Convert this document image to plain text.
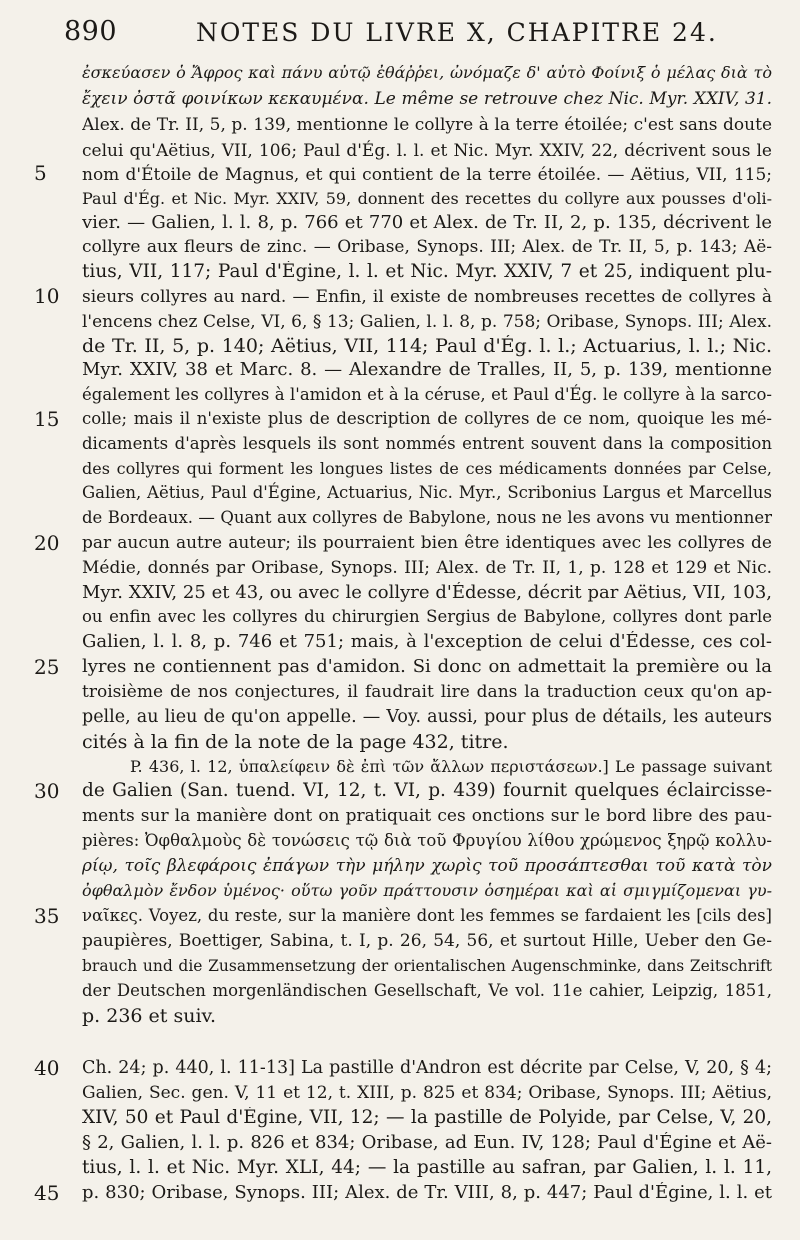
890	NOTES DU LIVRE X, CHAPITRE 24.
ἐσκεύασεν ὁ Ἄφρος καὶ πάνυ αὐτῷ ἐθάῤῥει, ὠνόμαζε δ' αὐτὸ Φοίνιξ ὁ μέλας διὰ τὸ
ἔχειν ὀστᾶ φοινίκων κεκαυμένα. Le même se retrouve chez Nic. Myr. XXIV, 31.
Alex. de Tr. II, 5, p. 139, mentionne le collyre à la terre étoilée; c'est sans doute
celui qu'Aëtius, VII, 106; Paul d'Ég. l. l. et Nic. Myr. XXIV, 22, décrivent sous le
5	nom d'Étoile de Magnus, et qui contient de la terre étoilée. — Aëtius, VII, 115;
Paul d'Ég. et Nic. Myr. XXIV, 59, donnent des recettes du collyre aux pousses d'oli-
vier. — Galien, l. l. 8, p. 766 et 770 et Alex. de Tr. II, 2, p. 135, décrivent le
collyre aux fleurs de zinc. — Oribase, Synops. III; Alex. de Tr. II, 5, p. 143; Aë-
tius, VII, 117; Paul d'Égine, l. l. et Nic. Myr. XXIV, 7 et 25, indiquent plu-
10	sieurs collyres au nard. — Enfin, il existe de nombreuses recettes de collyres à
l'encens chez Celse, VI, 6, § 13; Galien, l. l. 8, p. 758; Oribase, Synops. III; Alex.
de Tr. II, 5, p. 140; Aëtius, VII, 114; Paul d'Ég. l. l.; Actuarius, l. l.; Nic.
Myr. XXIV, 38 et Marc. 8. — Alexandre de Tralles, II, 5, p. 139, mentionne
également les collyres à l'amidon et à la céruse, et Paul d'Ég. le collyre à la sarco-
15	colle; mais il n'existe plus de description de collyres de ce nom, quoique les mé-
dicaments d'après lesquels ils sont nommés entrent souvent dans la composition
des collyres qui forment les longues listes de ces médicaments données par Celse,
Galien, Aëtius, Paul d'Égine, Actuarius, Nic. Myr., Scribonius Largus et Marcellus
de Bordeaux. — Quant aux collyres de Babylone, nous ne les avons vu mentionner
20	par aucun autre auteur; ils pourraient bien être identiques avec les collyres de
Médie, donnés par Oribase, Synops. III; Alex. de Tr. II, 1, p. 128 et 129 et Nic.
Myr. XXIV, 25 et 43, ou avec le collyre d'Édesse, décrit par Aëtius, VII, 103,
ou enfin avec les collyres du chirurgien Sergius de Babylone, collyres dont parle
Galien, l. l. 8, p. 746 et 751; mais, à l'exception de celui d'Édesse, ces col-
25	lyres ne contiennent pas d'amidon. Si donc on admettait la première ou la
troisième de nos conjectures, il faudrait lire dans la traduction ceux qu'on ap-
pelle, au lieu de qu'on appelle. — Voy. aussi, pour plus de détails, les auteurs
cités à la fin de la note de la page 432, titre.
P. 436, l. 12, ὑπαλείφειν δὲ ἐπὶ τῶν ἄλλων περιστάσεων.] Le passage suivant
30	de Galien (San. tuend. VI, 12, t. VI, p. 439) fournit quelques éclaircisse-
ments sur la manière dont on pratiquait ces onctions sur le bord libre des pau-
pières: Ὀφθαλμοὺς δὲ τονώσεις τῷ διὰ τοῦ Φρυγίου λίθου χρώμενος ξηρῷ κολλυ-
ρίῳ, τοῖς βλεφάροις ἐπάγων τὴν μήλην χωρὶς τοῦ προσάπτεσθαι τοῦ κατὰ τὸν
ὀφθαλμὸν ἔνδον ὑμένος· οὕτω γοῦν πράττουσιν ὁσημέραι καὶ αἱ σμιγμίζομεναι γυ-
35	ναῖκες. Voyez, du reste, sur la manière dont les femmes se fardaient les [cils des]
paupières, Boettiger, Sabina, t. I, p. 26, 54, 56, et surtout Hille, Ueber den Ge-
brauch und die Zusammensetzung der orientalischen Augenschminke, dans Zeitschrift
der Deutschen morgenländischen Gesellschaft, Ve vol. 11e cahier, Leipzig, 1851,
p. 236 et suiv.
40	Ch. 24; p. 440, l. 11-13] La pastille d'Andron est décrite par Celse, V, 20, § 4;
Galien, Sec. gen. V, 11 et 12, t. XIII, p. 825 et 834; Oribase, Synops. III; Aëtius,
XIV, 50 et Paul d'Égine, VII, 12; — la pastille de Polyide, par Celse, V, 20,
§ 2, Galien, l. l. p. 826 et 834; Oribase, ad Eun. IV, 128; Paul d'Égine et Aë-
tius, l. l. et Nic. Myr. XLI, 44; — la pastille au safran, par Galien, l. l. 11,
45	p. 830; Oribase, Synops. III; Alex. de Tr. VIII, 8, p. 447; Paul d'Égine, l. l. et
